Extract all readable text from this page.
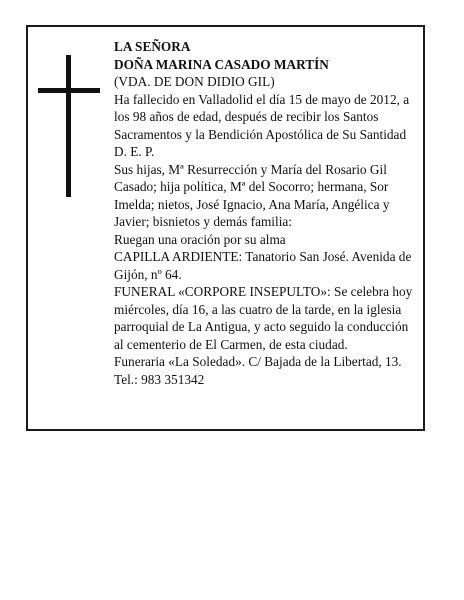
LA SEÑORA

DOÑA MARINA CASADO MARTÍN

(VDA. DE DON DIDIO GIL)

Ha fallecido en Valladolid el día 15 de mayo de 2012, a los 98 años de edad, después de recibir los Santos Sacramentos y la Bendición Apostólica de Su Santidad

D. E. P.

Sus hijas, Mª Resurrección y María del Rosario Gil Casado; hija política, Mª del Socorro; hermana, Sor Imelda; nietos, José Ignacio, Ana María, Angélica y Javier; bisnietos y demás familia:

Ruegan una oración por su alma

CAPILLA ARDIENTE: Tanatorio San José. Avenida de Gijón, nº 64.

FUNERAL «CORPORE INSEPULTO»: Se celebra hoy miércoles, día 16, a las cuatro de la tarde, en la iglesia parroquial de La Antigua, y acto seguido la conducción al cementerio de El Carmen, de esta ciudad.

Funeraria «La Soledad». C/ Bajada de la Libertad, 13.

Tel.: 983 351342
